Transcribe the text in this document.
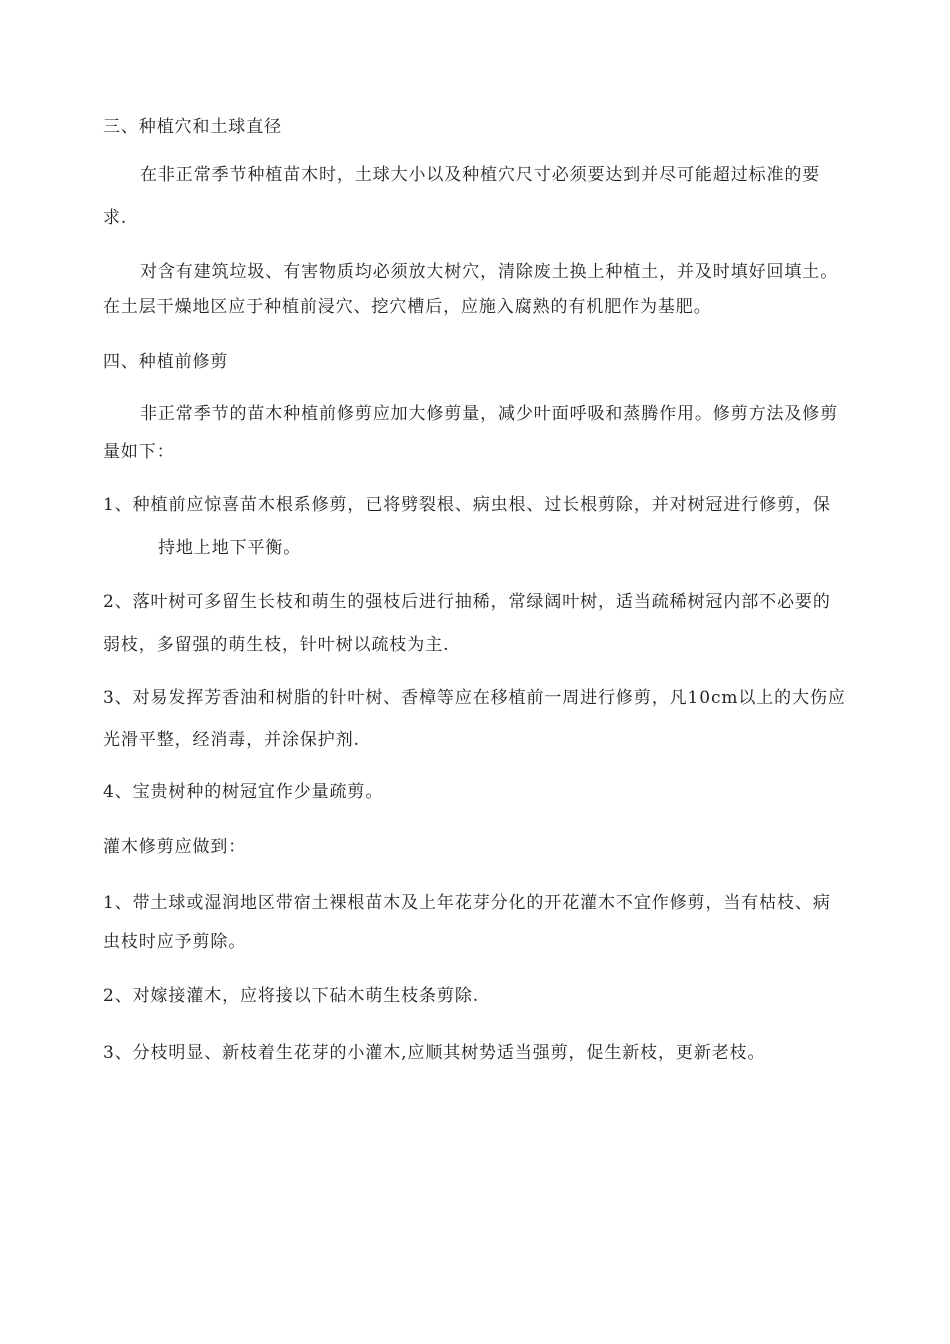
三、种植穴和土球直径
在非正常季节种植苗木时，土球大小以及种植穴尺寸必须要达到并尽可能超过标准的要
求.
对含有建筑垃圾、有害物质均必须放大树穴，清除废土换上种植土，并及时填好回填土。
在土层干燥地区应于种植前浸穴、挖穴槽后，应施入腐熟的有机肥作为基肥。
四、种植前修剪
非正常季节的苗木种植前修剪应加大修剪量，减少叶面呼吸和蒸腾作用。修剪方法及修剪
量如下：
1、种植前应惊喜苗木根系修剪，已将劈裂根、病虫根、过长根剪除，并对树冠进行修剪，保
持地上地下平衡。
2、落叶树可多留生长枝和萌生的强枝后进行抽稀，常绿阔叶树，适当疏稀树冠内部不必要的
弱枝，多留强的萌生枝，针叶树以疏枝为主.
3、对易发挥芳香油和树脂的针叶树、香樟等应在移植前一周进行修剪，凡10cm以上的大伤应
光滑平整，经消毒，并涂保护剂.
4、宝贵树种的树冠宜作少量疏剪。
灌木修剪应做到：
1、带土球或湿润地区带宿土裸根苗木及上年花芽分化的开花灌木不宜作修剪，当有枯枝、病
虫枝时应予剪除。
2、对嫁接灌木，应将接以下砧木萌生枝条剪除.
3、分枝明显、新枝着生花芽的小灌木,应顺其树势适当强剪，促生新枝，更新老枝。
